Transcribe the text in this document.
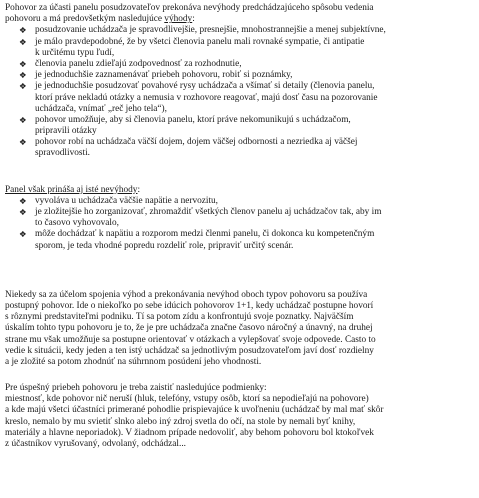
Pohovor za účasti panelu posudzovateľov prekonáva nevýhody predchádzajúceho spôsobu vedenia
pohovoru a má predovšetkým nasledujúce výhody:
❖ posudzovanie uchádzača je spravodlivejšie, presnejšie, mnohostrannejšie a menej subjektívne,
❖ je málo pravdepodobné, že by všetci členovia panelu mali rovnaké sympatie, či antipatie
k určitému typu ľudí,
❖ členovia panelu zdieľajú zodpovednosť za rozhodnutie,
❖ je jednoduchšie zaznamenávať priebeh pohovoru, robiť si poznámky,
❖ je jednoduchšie posudzovať povahové rysy uchádzača a všímať si detaily (členovia panelu,
ktorí práve nekladú otázky a nemusia v rozhovore reagovať, majú dosť času na pozorovanie
uchádzača, vnímať „reč jeho tela“),
❖ pohovor umožňuje, aby si členovia panelu, ktorí práve nekomunikujú s uchádzačom,
pripravili otázky
❖ pohovor robí na uchádzača väčší dojem, dojem väčšej odbornosti a nezriedka aj väčšej
spravodlivosti.
Panel však prináša aj isté nevýhody:
❖ vyvoláva u uchádzača väčšie napätie a nervozitu,
❖ je zložitejšie ho zorganizovať, zhromaždiť všetkých členov panelu aj uchádzačov tak, aby im
to časovo vyhovovalo,
❖ môže dochádzať k napätiu a rozporom medzi členmi panelu, či dokonca ku kompetenčným
sporom, je teda vhodné popredu rozdeliť role, pripraviť určitý scenár.
Niekedy sa za účelom spojenia výhod a prekonávania nevýhod oboch typov pohovoru sa používa
postupný pohovor. Ide o niekoľko po sebe idúcich pohovorov 1+1, kedy uchádzač postupne hovorí
s rôznymi predstaviteľmi podniku. Tí sa potom zídu a konfrontujú svoje poznatky. Najväčším
úskalím tohto typu pohovoru je to, že je pre uchádzača značne časovo náročný a únavný, na druhej
strane mu však umožňuje sa postupne orientovať v otázkach a vylepšovať svoje odpovede. Často to
vedie k situácii, kedy jeden a ten istý uchádzač sa jednotlivým posudzovateľom javí dosť rozdielny
a je zložité sa potom zhodnúť na súhrnnom posúdení jeho vhodnosti.
Pre úspešný priebeh pohovoru je treba zaistiť nasledujúce podmienky:
miestnosť, kde pohovor nič neruší (hluk, telefóny, vstupy osôb, ktorí sa nepodieľajú na pohovore)
a kde majú všetci účastníci primerané pohodlie prispievajúce k uvoľneniu (uchádzač by mal mať skôr
kreslo, nemalo by mu svietiť slnko alebo iný zdroj svetla do očí, na stole by nemali byť knihy,
materiály a hlavne neporiadok). V žiadnom prípade nedovoliť, aby behom pohovoru bol ktokoľvek
z účastníkov vyrušovaný, odvolaný, odchádzal...
